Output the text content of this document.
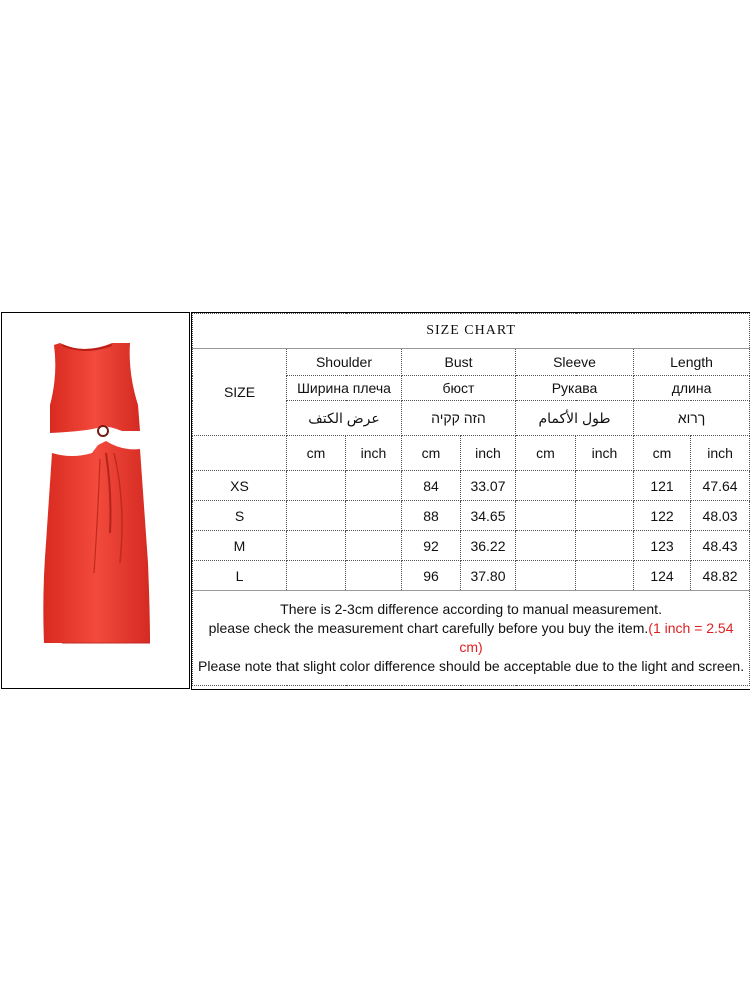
SIZE CHART								
SIZE	Shoulder		Bust		Sleeve		Length	
	Ширина плеча		бюст		Рукава		длина	
	عرض الكتف		הזה קקיה		طول الأكمام		ךרוא	
	cm	inch	cm	inch	cm	inch	cm	inch
XS			84	33.07			121	47.64
S			88	34.65			122	48.03
M			92	36.22			123	48.43
L			96	37.80			124	48.82

There is 2-3cm difference according to manual measurement.
please check the measurement chart carefully before you buy the item.(1 inch = 2.54 cm)
Please note that slight color difference should be acceptable due to the light and screen.								
